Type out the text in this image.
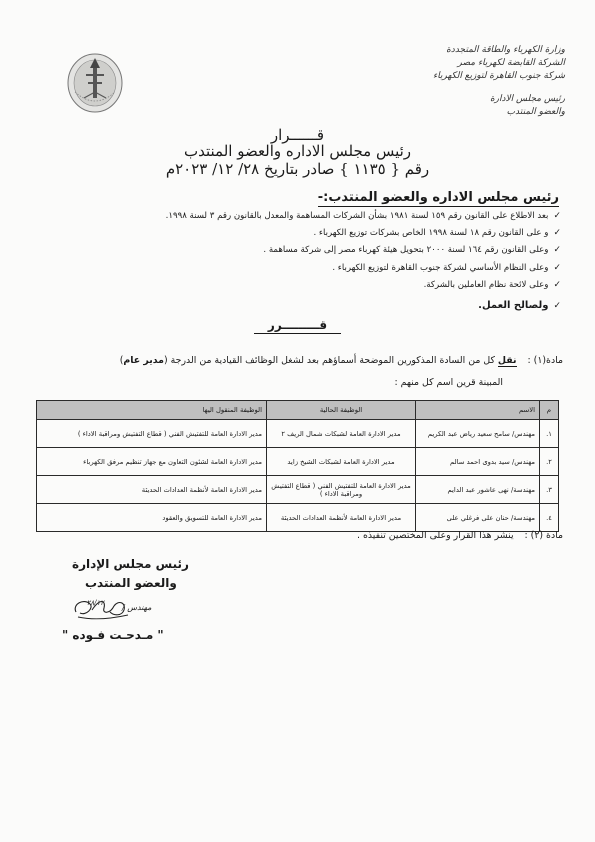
وزارة الكهرباء والطاقة المتجددة
الشركة القابضة لكهرباء مصر
شركة جنوب القاهرة لتوزيع الكهرباء
رئيس مجلس الادارة
والعضو المنتدب
قــــــرار
رئيس مجلس الاداره والعضو المنتدب
رقم { ١١٣٥ } صادر بتاريخ ٢٨/ ١٢/ ٢٠٢٣م
رئيس مجلس الاداره والعضو المنتدب:-
✓بعد الاطلاع على القانون رقم ١٥٩ لسنة ١٩٨١ بشأن الشركات المساهمة والمعدل بالقانون رقم ٣ لسنة ١٩٩٨.
✓و على القانون رقم ١٨ لسنة ١٩٩٨ الخاص بشركات توزيع الكهرباء .
✓وعلى القانون رقم ١٦٤ لسنة ٢٠٠٠ بتحويل هيئة كهرباء مصر إلى شركة مساهمة .
✓وعلى النظام الأساسي لشركة جنوب القاهرة لتوزيع الكهرباء .
✓وعلى لائحة نظام العاملين بالشركة.
✓ولصالح العمل.
قـــــــــرر
مادة(١) : نقل كل من السادة المذكورين الموضحة أسماؤهم بعد لشغل الوظائف القيادية من الدرجة (مدير عام)
المبينة قرين اسم كل منهم :
م	الاسم	الوظيفة الحالية	الوظيفة المنقول اليها
١.	مهندس/ سامح سعيد رياض عبد الكريم	مدير الادارة العامة لشبكات شمال الريف ٢	مدير الادارة العامة للتفتيش الفني ( قطاع التفتيش ومراقبة الاداء )
٢.	مهندس/ سيد بدوى احمد سالم	مدير الادارة العامة لشبكات الشيخ زايد	مدير الادارة العامة لشئون التعاون مع جهاز تنظيم مرفق الكهرباء
٣.	مهندسة/ نهى عاشور عبد الدايم	مدير الادارة العامة للتفتيش الفني ( قطاع التفتيش ومراقبة الاداء )	مدير الادارة العامة لأنظمة العدادات الحديثة
٤.	مهندسة/ حنان على فرغلي على	مدير الادارة العامة لأنظمة العدادات الحديثة	مدير الادارة العامة للتسويق والعقود
مادة (٢) : ينشر هذا القرار وعلى المختصين تنفيذه .
رئيس مجلس الإدارة
والعضو المنتدب
مهندس /
٢٨/١٢
" مـدحـت فـوده "
